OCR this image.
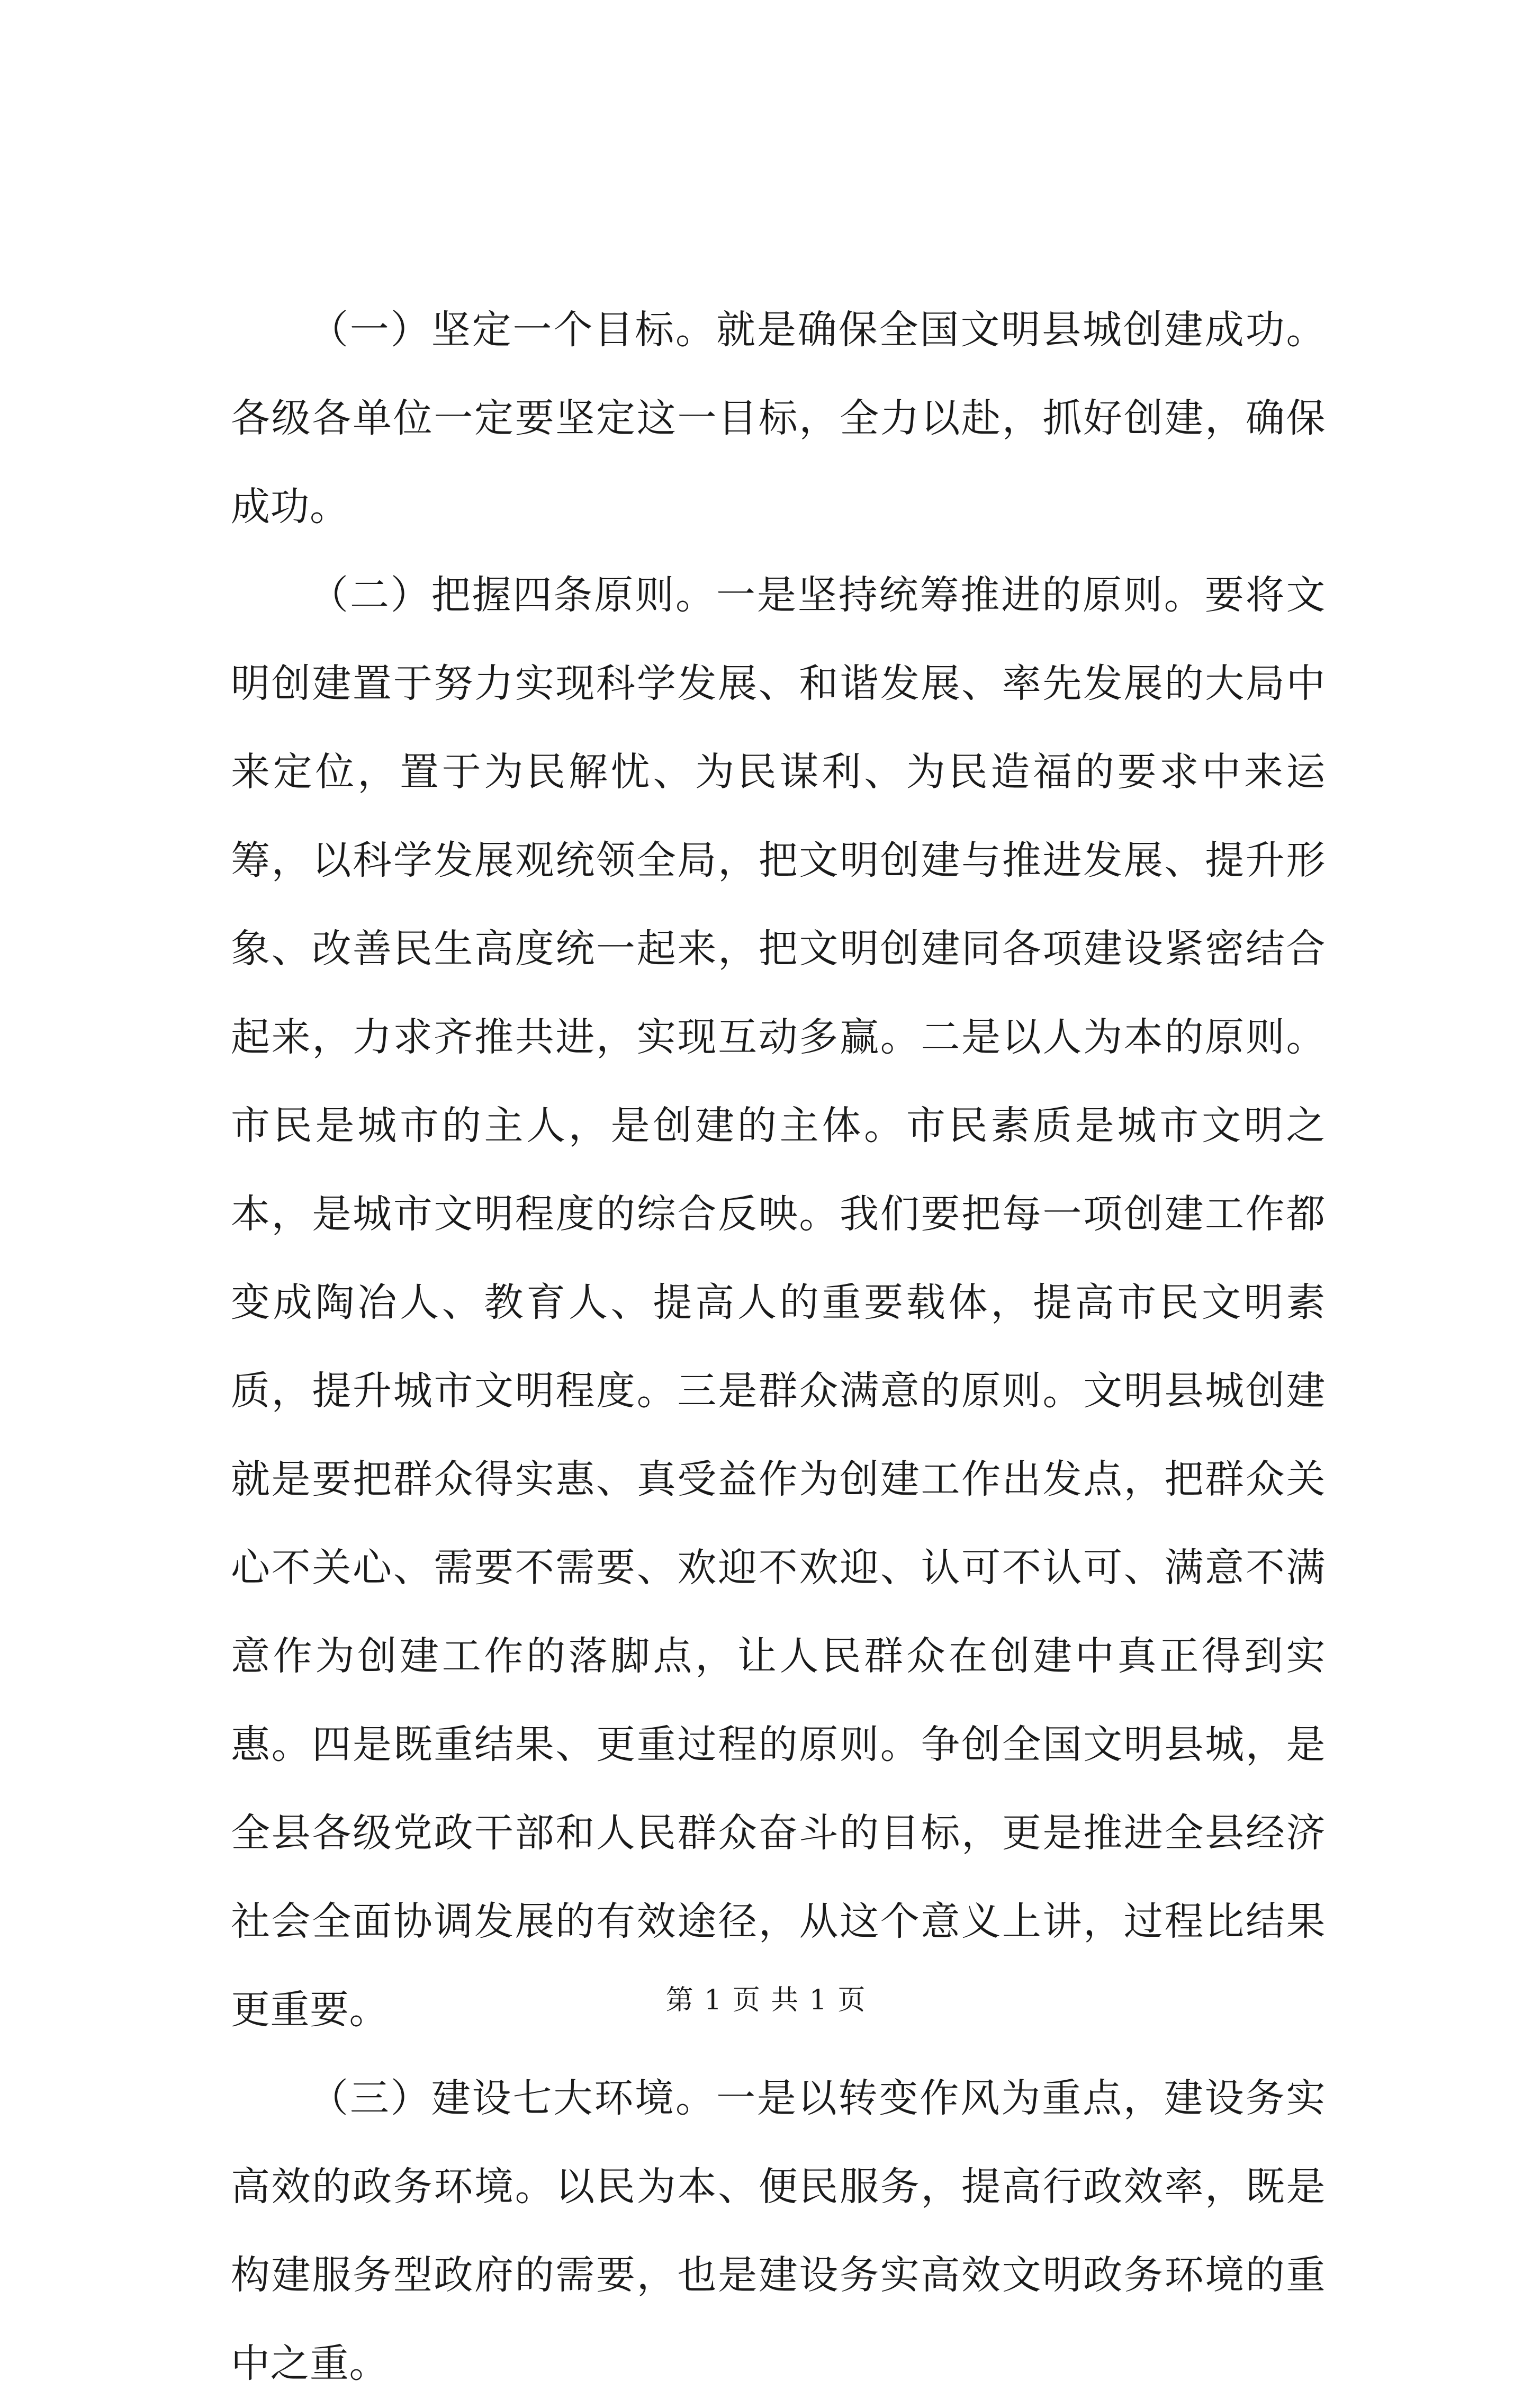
（一）坚定一个目标。就是确保全国文明县城创建成功。各级各单位一定要坚定这一目标，全力以赴，抓好创建，确保成功。

（二）把握四条原则。一是坚持统筹推进的原则。要将文明创建置于努力实现科学发展、和谐发展、率先发展的大局中来定位，置于为民解忧、为民谋利、为民造福的要求中来运筹，以科学发展观统领全局，把文明创建与推进发展、提升形象、改善民生高度统一起来，把文明创建同各项建设紧密结合起来，力求齐推共进，实现互动多赢。二是以人为本的原则。市民是城市的主人，是创建的主体。市民素质是城市文明之本，是城市文明程度的综合反映。我们要把每一项创建工作都变成陶冶人、教育人、提高人的重要载体，提高市民文明素质，提升城市文明程度。三是群众满意的原则。文明县城创建就是要把群众得实惠、真受益作为创建工作出发点，把群众关心不关心、需要不需要、欢迎不欢迎、认可不认可、满意不满意作为创建工作的落脚点，让人民群众在创建中真正得到实惠。四是既重结果、更重过程的原则。争创全国文明县城，是全县各级党政干部和人民群众奋斗的目标，更是推进全县经济社会全面协调发展的有效途径，从这个意义上讲，过程比结果更重要。

（三）建设七大环境。一是以转变作风为重点，建设务实高效的政务环境。以民为本、便民服务，提高行政效率，既是构建服务型政府的需要，也是建设务实高效文明政务环境的重中之重。

第 1 页 共 1 页
